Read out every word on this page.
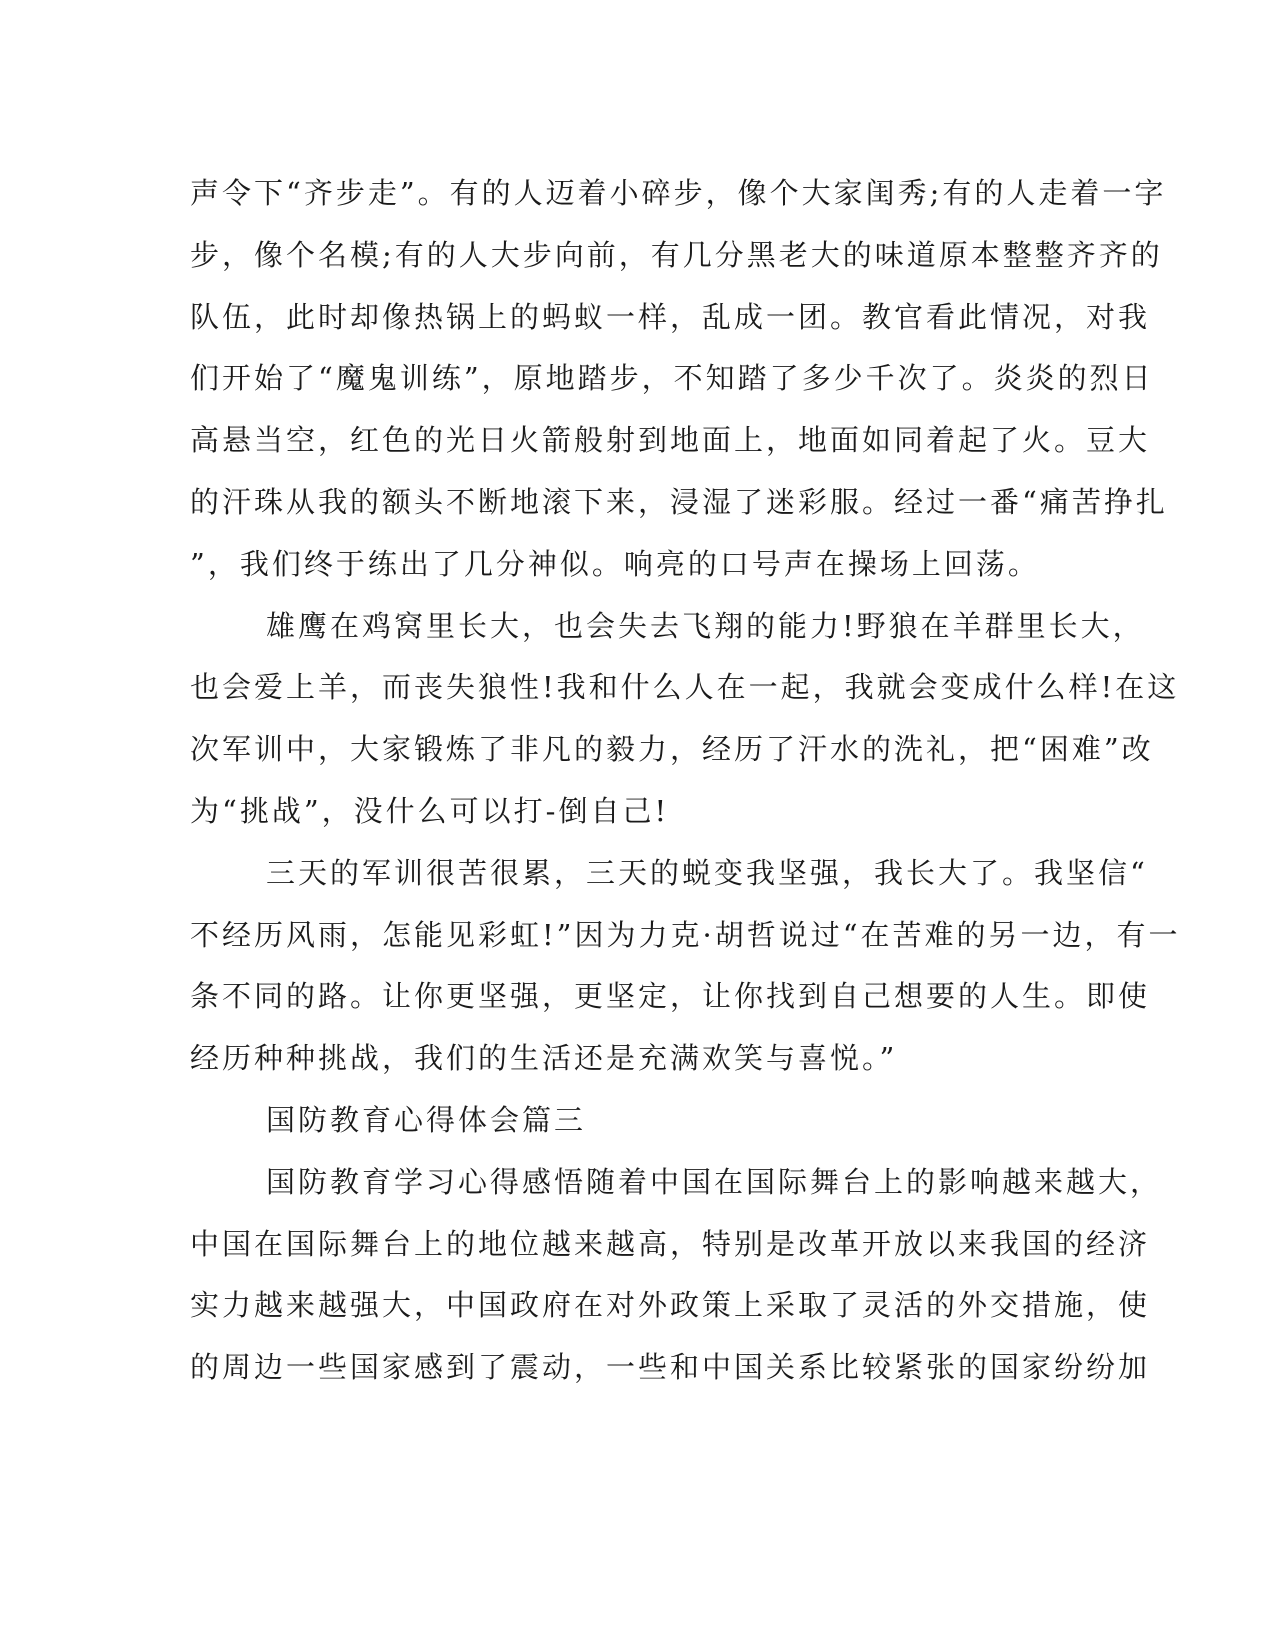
声令下“齐步走”。有的人迈着小碎步，像个大家闺秀;有的人走着一字
步，像个名模;有的人大步向前，有几分黑老大的味道原本整整齐齐的
队伍，此时却像热锅上的蚂蚁一样，乱成一团。教官看此情况，对我
们开始了“魔鬼训练”，原地踏步，不知踏了多少千次了。炎炎的烈日
高悬当空，红色的光日火箭般射到地面上，地面如同着起了火。豆大
的汗珠从我的额头不断地滚下来，浸湿了迷彩服。经过一番“痛苦挣扎
”，我们终于练出了几分神似。响亮的口号声在操场上回荡。
雄鹰在鸡窝里长大，也会失去飞翔的能力!野狼在羊群里长大，
也会爱上羊，而丧失狼性!我和什么人在一起，我就会变成什么样!在这
次军训中，大家锻炼了非凡的毅力，经历了汗水的洗礼，把“困难”改
为“挑战”，没什么可以打-倒自己!
三天的军训很苦很累，三天的蜕变我坚强，我长大了。我坚信“
不经历风雨，怎能见彩虹!”因为力克·胡哲说过“在苦难的另一边，有一
条不同的路。让你更坚强，更坚定，让你找到自己想要的人生。即使
经历种种挑战，我们的生活还是充满欢笑与喜悦。”
国防教育心得体会篇三
国防教育学习心得感悟随着中国在国际舞台上的影响越来越大，
中国在国际舞台上的地位越来越高，特别是改革开放以来我国的经济
实力越来越强大，中国政府在对外政策上采取了灵活的外交措施，使
的周边一些国家感到了震动，一些和中国关系比较紧张的国家纷纷加
